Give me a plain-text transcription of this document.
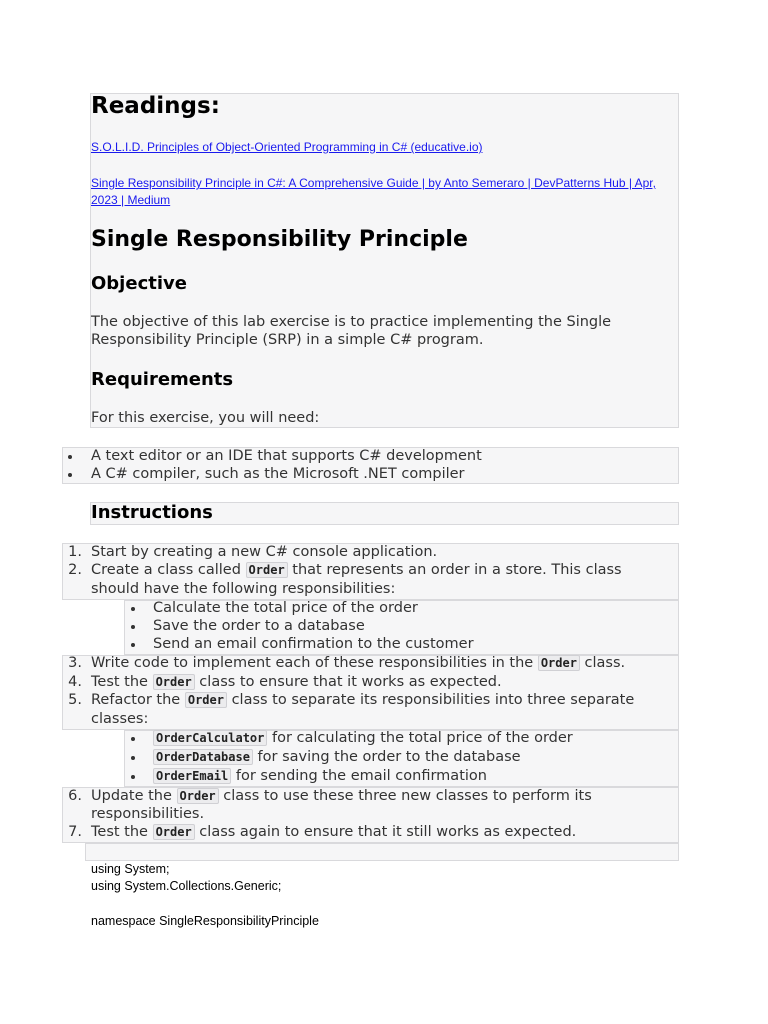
Readings:
S.O.L.I.D. Principles of Object-Oriented Programming in C# (educative.io)
Single Responsibility Principle in C#: A Comprehensive Guide | by Anto Semeraro | DevPatterns Hub | Apr, 2023 | Medium
Single Responsibility Principle
Objective
The objective of this lab exercise is to practice implementing the Single Responsibility Principle (SRP) in a simple C# program.
Requirements
For this exercise, you will need:
A text editor or an IDE that supports C# development
A C# compiler, such as the Microsoft .NET compiler
Instructions
1. Start by creating a new C# console application.
2. Create a class called Order that represents an order in a store. This class
should have the following responsibilities:
Calculate the total price of the order
Save the order to a database
Send an email confirmation to the customer
3. Write code to implement each of these responsibilities in the Order class.
4. Test the Order class to ensure that it works as expected.
5. Refactor the Order class to separate its responsibilities into three separate
classes:
OrderCalculator for calculating the total price of the order
OrderDatabase for saving the order to the database
OrderEmail for sending the email confirmation
6. Update the Order class to use these three new classes to perform its
responsibilities.
7. Test the Order class again to ensure that it still works as expected.
using System;
using System.Collections.Generic;
namespace SingleResponsibilityPrinciple
